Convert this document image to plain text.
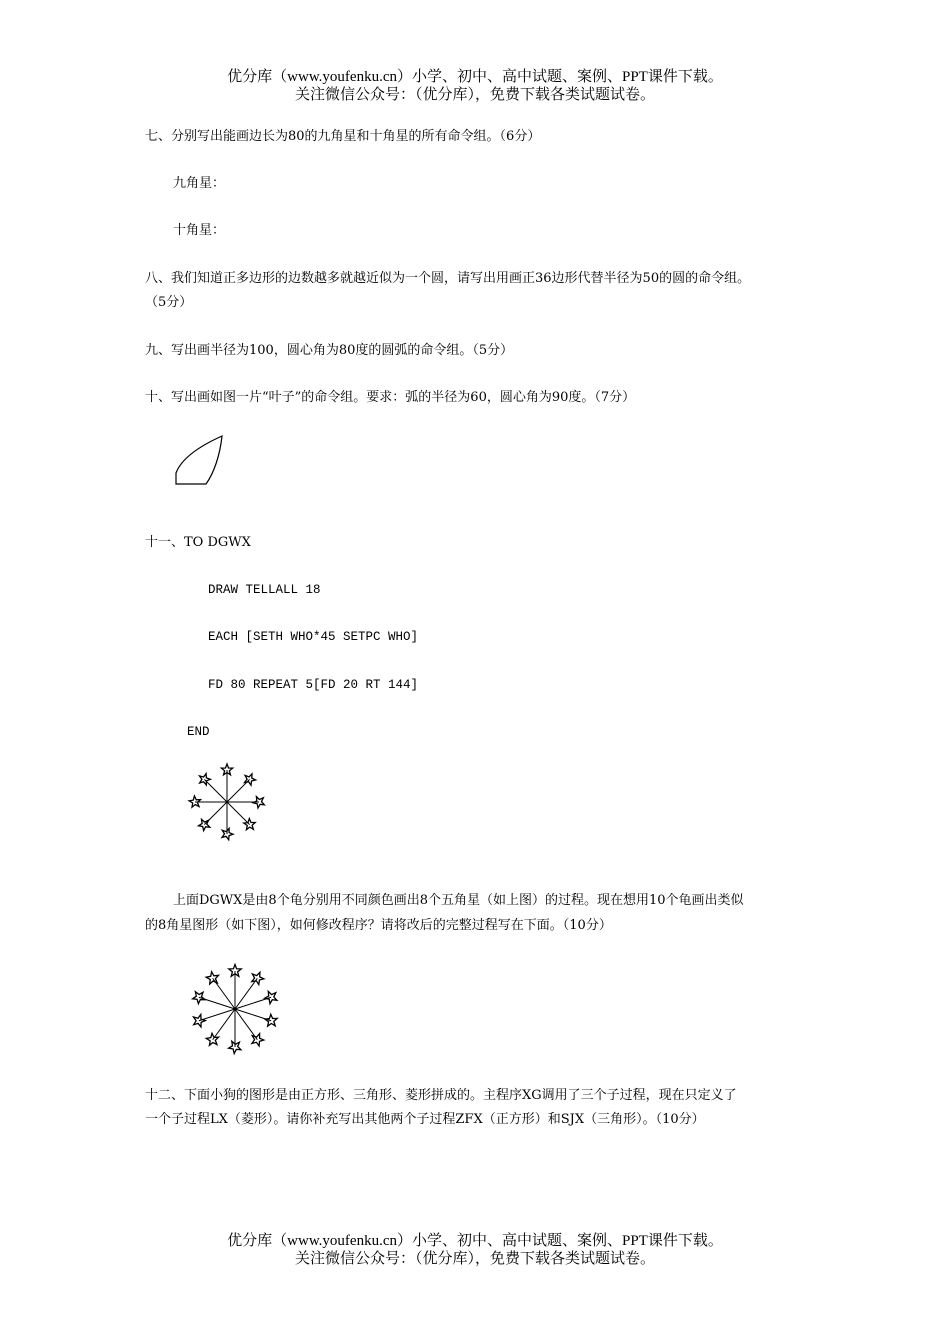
优分库（www.youfenku.cn）小学、初中、高中试题、案例、PPT课件下载。
关注微信公众号：（优分库），免费下载各类试题试卷。
七、分别写出能画边长为80的九角星和十角星的所有命令组。（6分）
九角星：
十角星：
八、我们知道正多边形的边数越多就越近似为一个圆，请写出用画正36边形代替半径为50的圆的命令组。
（5分）
九、写出画半径为100，圆心角为80度的圆弧的命令组。（5分）
十、写出画如图一片“叶子”的命令组。要求：弧的半径为60，圆心角为90度。（7分）
十一、TO DGWX
DRAW TELLALL 18
EACH [SETH WHO*45 SETPC WHO]
FD 80 REPEAT 5[FD 20 RT 144]
END
上面DGWX是由8个龟分别用不同颜色画出8个五角星（如上图）的过程。现在想用10个龟画出类似
的8角星图形（如下图），如何修改程序？请将改后的完整过程写在下面。（10分）
十二、下面小狗的图形是由正方形、三角形、菱形拼成的。主程序XG调用了三个子过程，现在只定义了
一个子过程LX（菱形）。请你补充写出其他两个子过程ZFX（正方形）和SJX（三角形）。（10分）
优分库（www.youfenku.cn）小学、初中、高中试题、案例、PPT课件下载。
关注微信公众号：（优分库），免费下载各类试题试卷。
